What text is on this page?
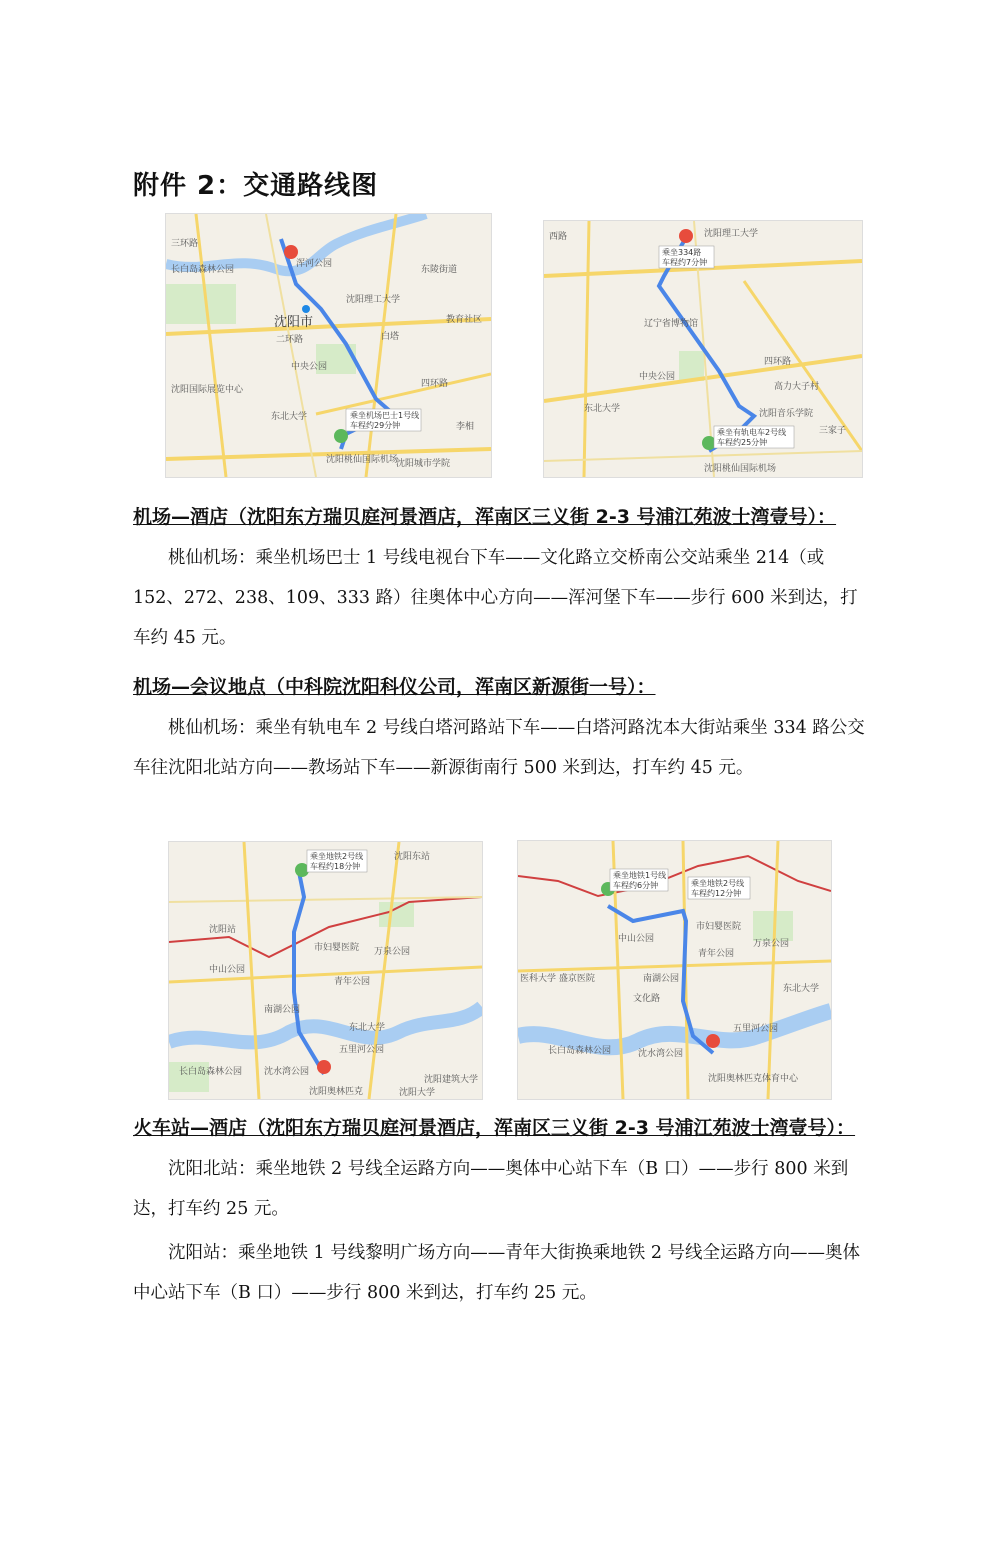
附件 2：交通路线图
乘坐机场巴士1号线
车程约29分钟
长白岛森林公园
沈阳市
沈阳理工大学
中央公园
东北大学
沈阳国际展览中心
沈阳桃仙国际机场
沈阳城市学院
四环路
东陵街道
教育社区
李相
白塔
浑河公园
二环路
三环路
乘坐334路
车程约7分钟
乘坐有轨电车2号线
车程约25分钟
沈阳理工大学
辽宁省博物馆
中央公园
东北大学	沈阳音乐学院
沈阳桃仙国际机场
四环路
西路
高力大子村
三家子
机场—酒店（沈阳东方瑞贝庭河景酒店，浑南区三义街 2-3 号浦江苑波士湾壹号）：
桃仙机场：乘坐机场巴士 1 号线电视台下车——文化路立交桥南公交站乘坐 214（或 152、272、238、109、333 路）往奥体中心方向——浑河堡下车——步行 600 米到达，打车约 45 元。
机场—会议地点（中科院沈阳科仪公司，浑南区新源街一号）：
桃仙机场：乘坐有轨电车 2 号线白塔河路站下车——白塔河路沈本大街站乘坐 334 路公交车往沈阳北站方向——教场站下车——新源街南行 500 米到达，打车约 45 元。
乘坐地铁2号线
车程约18分钟
沈阳东站
沈阳站
中山公园
市妇婴医院 万泉公园
青年公园
南湖公园
东北大学
长白岛森林公园 沈水湾公园
五里河公园
沈阳奥林匹克
沈阳建筑大学
沈阳大学
乘坐地铁1号线
车程约6分钟	乘坐地铁2号线
车程约12分钟
中山公园
市妇婴医院
万泉公园
青年公园
南湖公园
东北大学
文化路
长白岛森林公园	沈水湾公园
五里河公园
沈阳奥林匹克体育中心
医科大学 盛京医院
火车站—酒店（沈阳东方瑞贝庭河景酒店，浑南区三义街 2-3 号浦江苑波士湾壹号）：
沈阳北站：乘坐地铁 2 号线全运路方向——奥体中心站下车（B 口）——步行 800 米到达，打车约 25 元。
沈阳站：乘坐地铁 1 号线黎明广场方向——青年大街换乘地铁 2 号线全运路方向——奥体中心站下车（B 口）——步行 800 米到达，打车约 25 元。
